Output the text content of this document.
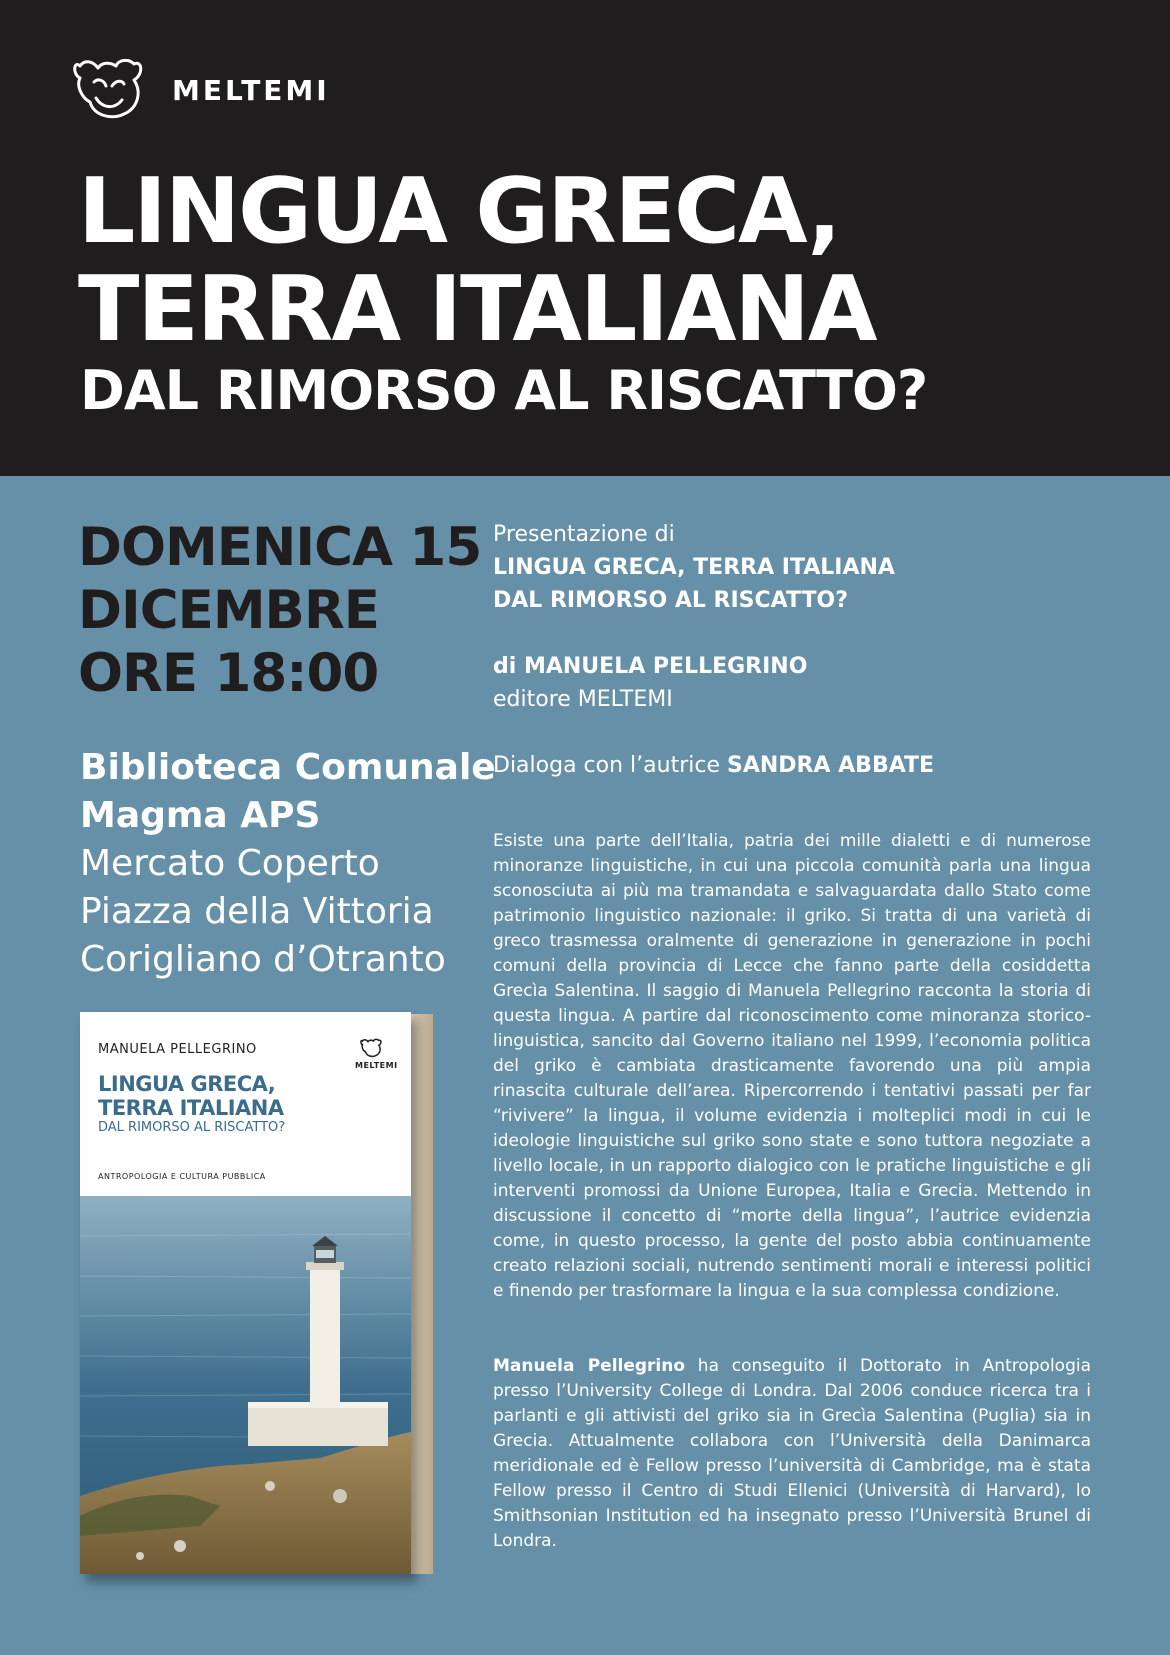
MELTEMI
LINGUA GRECA,
TERRA ITALIANA
DAL RIMORSO AL RISCATTO?
DOMENICA 15
DICEMBRE
ORE 18:00
Biblioteca Comunale
Magma APS
Mercato Coperto
Piazza della Vittoria
Corigliano d’Otranto
Presentazione di
LINGUA GRECA, TERRA ITALIANA
DAL RIMORSO AL RISCATTO?
di MANUELA PELLEGRINO
editore MELTEMI
Dialoga con l’autrice SANDRA ABBATE

Esiste una parte dell’Italia, patria dei mille dialetti e di numerose minoranze linguistiche, in cui una piccola comunità parla una lingua sconosciuta ai più ma tramandata e salvaguardata dallo Stato come patrimonio linguistico nazionale: il griko. Si tratta di una varietà di greco trasmessa oralmente di generazione in generazione in pochi comuni della provincia di Lecce che fanno parte della cosiddetta Grecìa Salentina. Il saggio di Manuela Pellegrino racconta la storia di questa lingua. A partire dal riconoscimento come minoranza storico-linguistica, sancito dal Governo italiano nel 1999, l’economia politica del griko è cambiata drasticamente favorendo una più ampia rinascita culturale dell’area. Ripercorrendo i tentativi passati per far “rivivere” la lingua, il volume evidenzia i molteplici modi in cui le ideologie linguistiche sul griko sono state e sono tuttora negoziate a livello locale, in un rapporto dialogico con le pratiche linguistiche e gli interventi promossi da Unione Europea, Italia e Grecia. Mettendo in discussione il concetto di “morte della lingua”, l’autrice evidenzia come, in questo processo, la gente del posto abbia continuamente creato relazioni sociali, nutrendo sentimenti morali e interessi politici e finendo per trasformare la lingua e la sua complessa condizione.

Manuela Pellegrino ha conseguito il Dottorato in Antropologia presso l’University College di Londra. Dal 2006 conduce ricerca tra i parlanti e gli attivisti del griko sia in Grecìa Salentina (Puglia) sia in Grecia. Attualmente collabora con l’Università della Danimarca meridionale ed è Fellow presso l’università di Cambridge, ma è stata Fellow presso il Centro di Studi Ellenici (Università di Harvard), lo Smithsonian Institution ed ha insegnato presso l’Università Brunel di Londra.

MANUELA PELLEGRINO
MELTEMI
LINGUA GRECA,
TERRA ITALIANA
DAL RIMORSO AL RISCATTO?
ANTROPOLOGIA E CULTURA PUBBLICA
